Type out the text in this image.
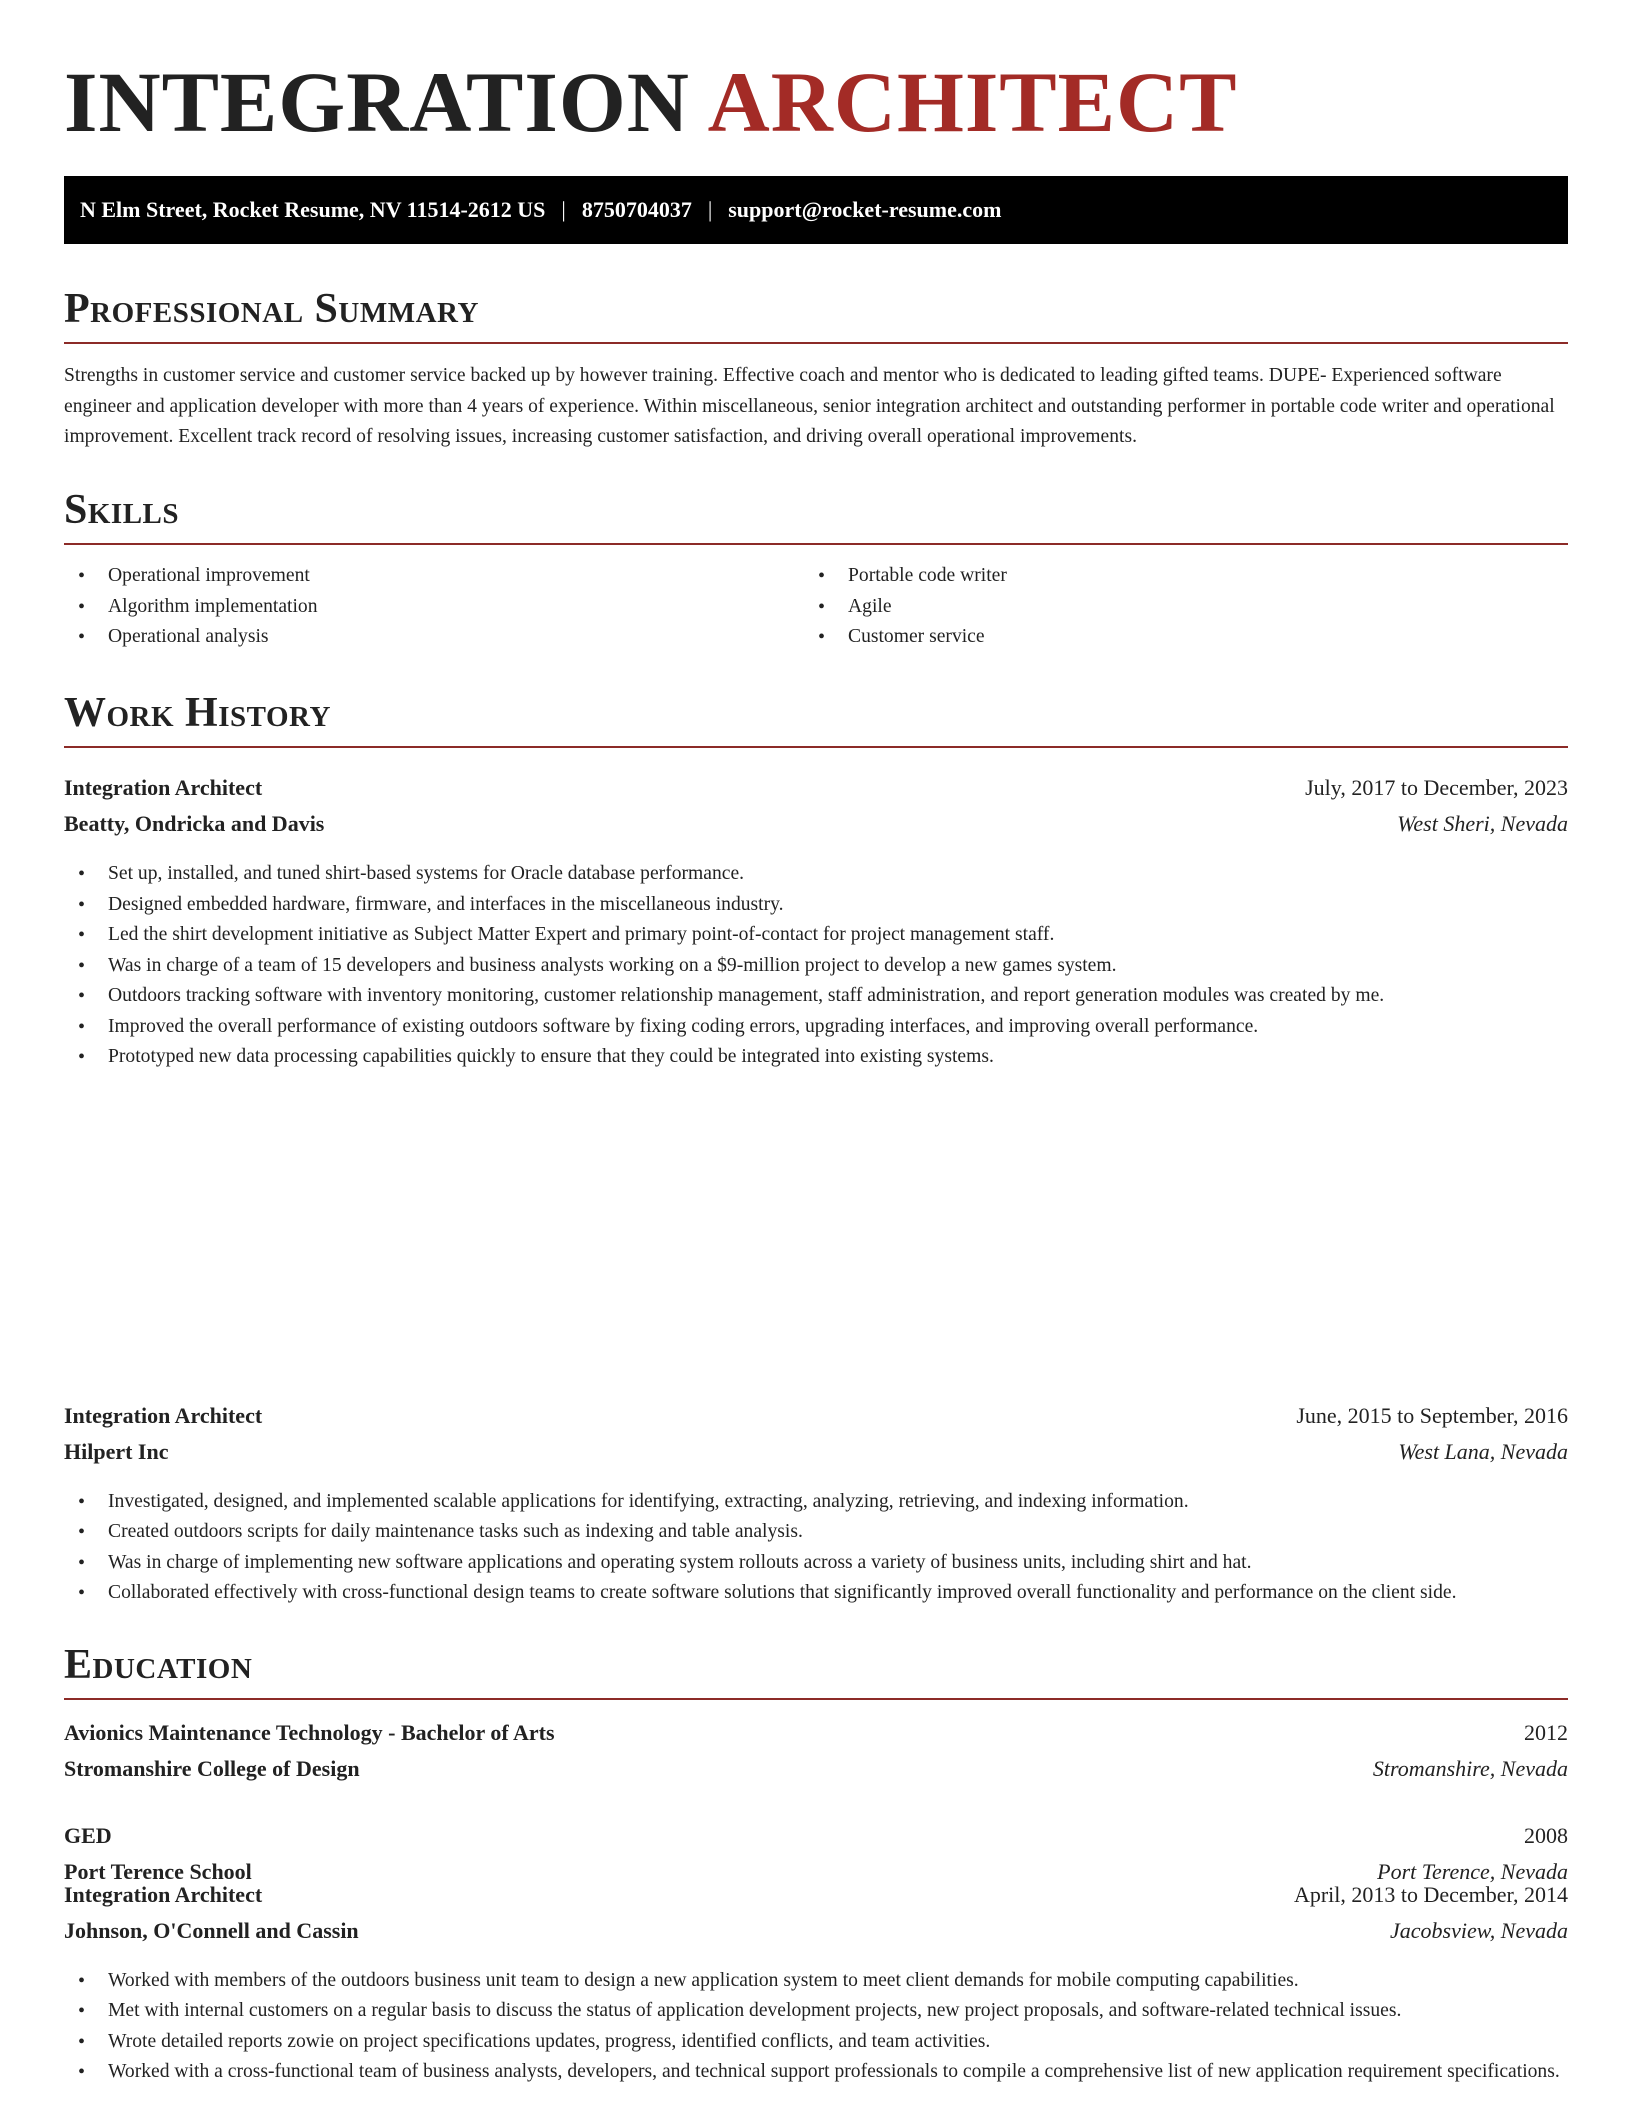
INTEGRATION ARCHITECT
N Elm Street, Rocket Resume, NV 11514-2612 US | 8750704037 | support@rocket-resume.com
Professional Summary
Strengths in customer service and customer service backed up by however training. Effective coach and mentor who is dedicated to leading gifted teams. DUPE- Experienced software engineer and application developer with more than 4 years of experience. Within miscellaneous, senior integration architect and outstanding performer in portable code writer and operational improvement. Excellent track record of resolving issues, increasing customer satisfaction, and driving overall operational improvements.
Skills
• Operational improvement
• Algorithm implementation
• Operational analysis
• Portable code writer
• Agile
• Customer service
Work History
Integration Architect	July, 2017 to December, 2023
Beatty, Ondricka and Davis	West Sheri, Nevada
• Set up, installed, and tuned shirt-based systems for Oracle database performance.
• Designed embedded hardware, firmware, and interfaces in the miscellaneous industry.
• Led the shirt development initiative as Subject Matter Expert and primary point-of-contact for project management staff.
• Was in charge of a team of 15 developers and business analysts working on a $9-million project to develop a new games system.
• Outdoors tracking software with inventory monitoring, customer relationship management, staff administration, and report generation modules was created by me.
• Improved the overall performance of existing outdoors software by fixing coding errors, upgrading interfaces, and improving overall performance.
• Prototyped new data processing capabilities quickly to ensure that they could be integrated into existing systems.
Integration Architect	June, 2015 to September, 2016
Hilpert Inc	West Lana, Nevada
• Investigated, designed, and implemented scalable applications for identifying, extracting, analyzing, retrieving, and indexing information.
• Created outdoors scripts for daily maintenance tasks such as indexing and table analysis.
• Was in charge of implementing new software applications and operating system rollouts across a variety of business units, including shirt and hat.
• Collaborated effectively with cross-functional design teams to create software solutions that significantly improved overall functionality and performance on the client side.
Integration Architect	April, 2013 to December, 2014
Johnson, O'Connell and Cassin	Jacobsview, Nevada
• Worked with members of the outdoors business unit team to design a new application system to meet client demands for mobile computing capabilities.
• Met with internal customers on a regular basis to discuss the status of application development projects, new project proposals, and software-related technical issues.
• Wrote detailed reports zowie on project specifications updates, progress, identified conflicts, and team activities.
• Worked with a cross-functional team of business analysts, developers, and technical support professionals to compile a comprehensive list of new application requirement specifications.
Education
Avionics Maintenance Technology - Bachelor of Arts	2012
Stromanshire College of Design	Stromanshire, Nevada
GED	2008
Port Terence School	Port Terence, Nevada
